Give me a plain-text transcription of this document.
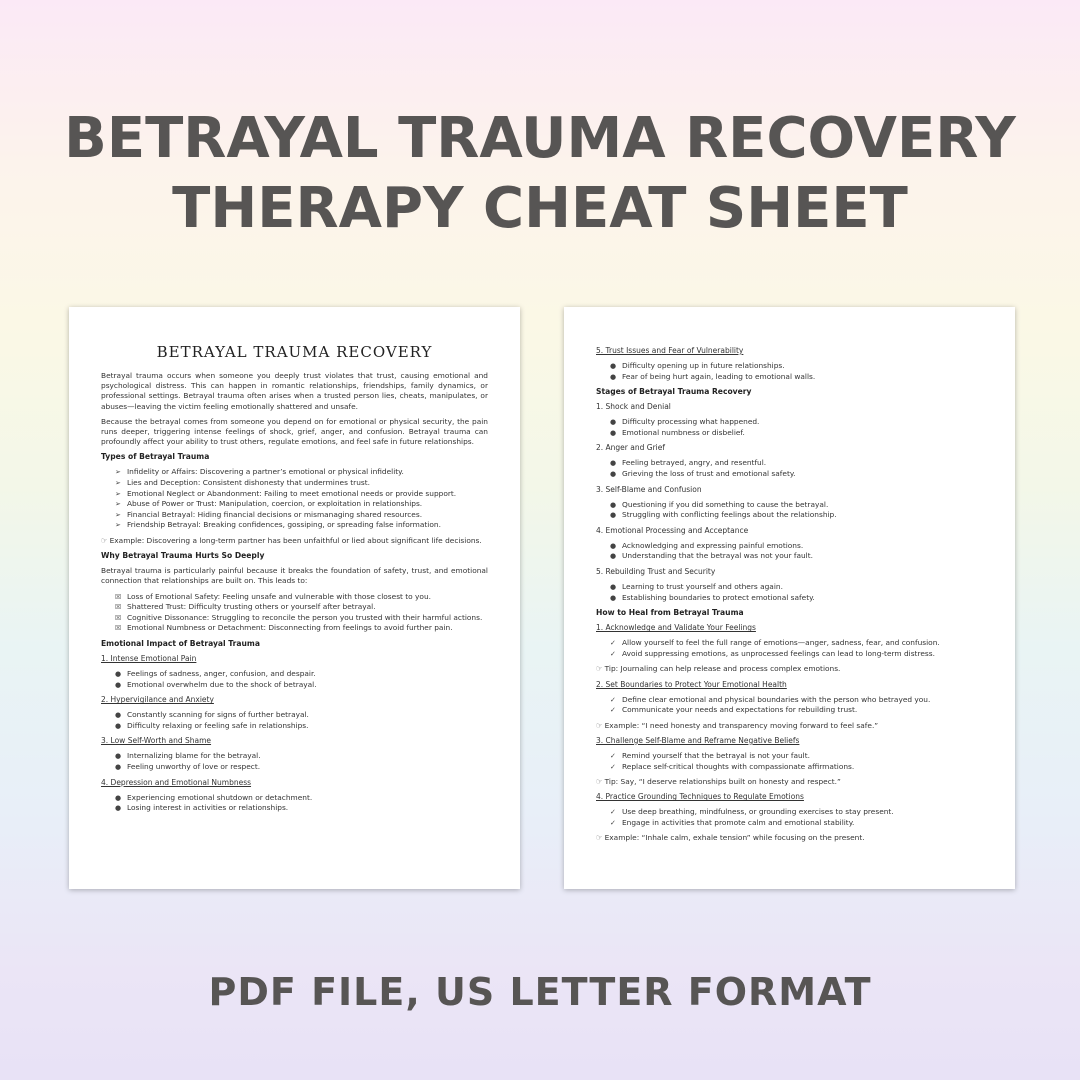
BETRAYAL TRAUMA RECOVERY
THERAPY CHEAT SHEET
BETRAYAL TRAUMA RECOVERY

Betrayal trauma occurs when someone you deeply trust violates that trust, causing emotional and psychological distress. This can happen in romantic relationships, friendships, family dynamics, or professional settings. Betrayal trauma often arises when a trusted person lies, cheats, manipulates, or abuses—leaving the victim feeling emotionally shattered and unsafe.

Because the betrayal comes from someone you depend on for emotional or physical security, the pain runs deeper, triggering intense feelings of shock, grief, anger, and confusion. Betrayal trauma can profoundly affect your ability to trust others, regulate emotions, and feel safe in future relationships.

Types of Betrayal Trauma
➢ Infidelity or Affairs: Discovering a partner’s emotional or physical infidelity.
➢ Lies and Deception: Consistent dishonesty that undermines trust.
➢ Emotional Neglect or Abandonment: Failing to meet emotional needs or provide support.
➢ Abuse of Power or Trust: Manipulation, coercion, or exploitation in relationships.
➢ Financial Betrayal: Hiding financial decisions or mismanaging shared resources.
➢ Friendship Betrayal: Breaking confidences, gossiping, or spreading false information.

☞ Example: Discovering a long-term partner has been unfaithful or lied about significant life decisions.

Why Betrayal Trauma Hurts So Deeply

Betrayal trauma is particularly painful because it breaks the foundation of safety, trust, and emotional connection that relationships are built on. This leads to:

☒ Loss of Emotional Safety: Feeling unsafe and vulnerable with those closest to you.
☒ Shattered Trust: Difficulty trusting others or yourself after betrayal.
☒ Cognitive Dissonance: Struggling to reconcile the person you trusted with their harmful actions.
☒ Emotional Numbness or Detachment: Disconnecting from feelings to avoid further pain.
Emotional Impact of Betrayal Trauma
1. Intense Emotional Pain
● Feelings of sadness, anger, confusion, and despair.
● Emotional overwhelm due to the shock of betrayal.
2. Hypervigilance and Anxiety
● Constantly scanning for signs of further betrayal.
● Difficulty relaxing or feeling safe in relationships.
3. Low Self-Worth and Shame
● Internalizing blame for the betrayal.
● Feeling unworthy of love or respect.
4. Depression and Emotional Numbness
● Experiencing emotional shutdown or detachment.
● Losing interest in activities or relationships.
5. Trust Issues and Fear of Vulnerability
● Difficulty opening up in future relationships.
● Fear of being hurt again, leading to emotional walls.
Stages of Betrayal Trauma Recovery
1. Shock and Denial
● Difficulty processing what happened.
● Emotional numbness or disbelief.
2. Anger and Grief
● Feeling betrayed, angry, and resentful.
● Grieving the loss of trust and emotional safety.
3. Self-Blame and Confusion
● Questioning if you did something to cause the betrayal.
● Struggling with conflicting feelings about the relationship.
4. Emotional Processing and Acceptance
● Acknowledging and expressing painful emotions.
● Understanding that the betrayal was not your fault.
5. Rebuilding Trust and Security
● Learning to trust yourself and others again.
● Establishing boundaries to protect emotional safety.
How to Heal from Betrayal Trauma
1. Acknowledge and Validate Your Feelings
✓ Allow yourself to feel the full range of emotions—anger, sadness, fear, and confusion.
✓ Avoid suppressing emotions, as unprocessed feelings can lead to long-term distress.

☞ Tip: Journaling can help release and process complex emotions.

2. Set Boundaries to Protect Your Emotional Health
✓ Define clear emotional and physical boundaries with the person who betrayed you.
✓ Communicate your needs and expectations for rebuilding trust.

☞ Example: “I need honesty and transparency moving forward to feel safe.”

3. Challenge Self-Blame and Reframe Negative Beliefs
✓ Remind yourself that the betrayal is not your fault.
✓ Replace self-critical thoughts with compassionate affirmations.

☞ Tip: Say, “I deserve relationships built on honesty and respect.”

4. Practice Grounding Techniques to Regulate Emotions
✓ Use deep breathing, mindfulness, or grounding exercises to stay present.
✓ Engage in activities that promote calm and emotional stability.

☞ Example: “Inhale calm, exhale tension” while focusing on the present.

PDF FILE, US LETTER FORMAT
